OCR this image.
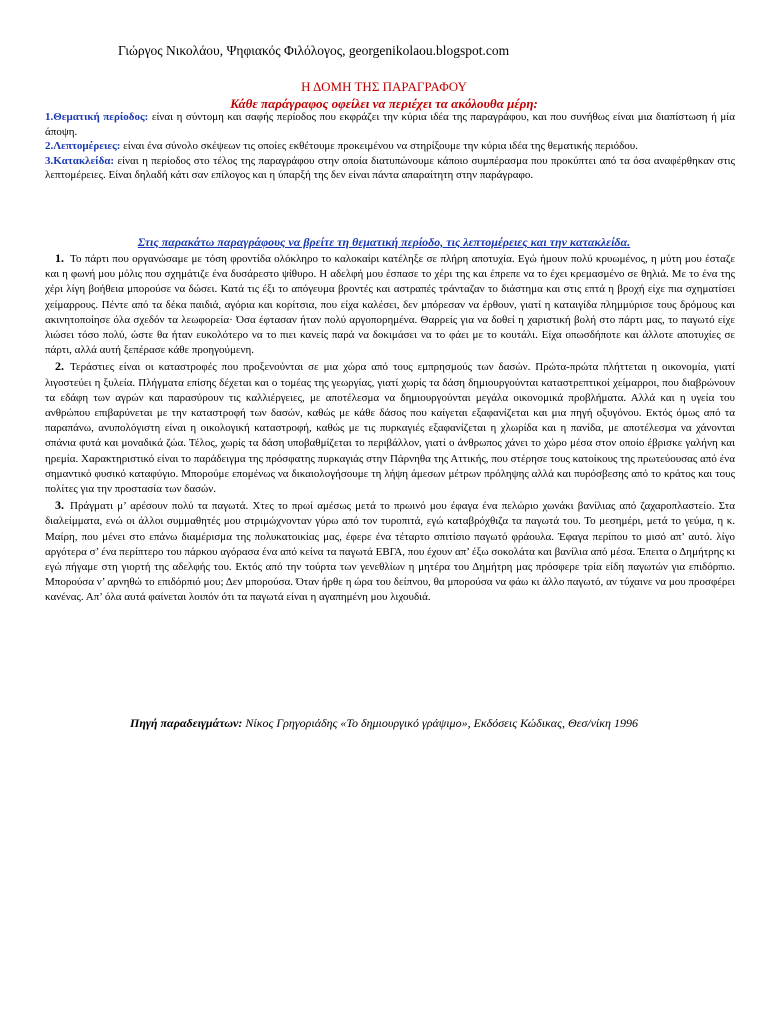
Γιώργος Νικολάου, Ψηφιακός Φιλόλογος, georgenikolaou.blogspot.com
Η ΔΟΜΗ ΤΗΣ ΠΑΡΑΓΡΑΦΟΥ
Κάθε παράγραφος οφείλει να περιέχει τα ακόλουθα μέρη:

1.Θεματική περίοδος: είναι η σύντομη και σαφής περίοδος που εκφράζει την κύρια ιδέα της παραγράφου, και που συνήθως είναι μια διαπίστωση ή μία άποψη.

2.Λεπτομέρειες: είναι ένα σύνολο σκέψεων τις οποίες εκθέτουμε προκειμένου να στηρίξουμε την κύρια ιδέα της θεματικής περιόδου.

3.Κατακλείδα: είναι η περίοδος στο τέλος της παραγράφου στην οποία διατυπώνουμε κάποιο συμπέρασμα που προκύπτει από τα όσα αναφέρθηκαν στις λεπτομέρειες. Είναι δηλαδή κάτι σαν επίλογος και η ύπαρξή της δεν είναι πάντα απαραίτητη στην παράγραφο.

Στις παρακάτω παραγράφους να βρείτε τη θεματική περίοδο, τις λεπτομέρειες και την κατακλείδα.

1. Το πάρτι που οργανώσαμε με τόση φροντίδα ολόκληρο το καλοκαίρι κατέληξε σε πλήρη αποτυχία. Εγώ ήμουν πολύ κρυωμένος, η μύτη μου έσταζε και η φωνή μου μόλις που σχημάτιζε ένα δυσάρεστο ψίθυρο. Η αδελφή μου έσπασε το χέρι της και έπρεπε να το έχει κρεμασμένο σε θηλιά. Με το ένα της χέρι λίγη βοήθεια μπορούσε να δώσει. Κατά τις έξι το απόγευμα βροντές και αστραπές τράνταζαν το διάστημα και στις επτά η βροχή είχε πια σχηματίσει χείμαρρους. Πέντε από τα δέκα παιδιά, αγόρια και κορίτσια, που είχα καλέσει, δεν μπόρεσαν να έρθουν, γιατί η καταιγίδα πλημμύρισε τους δρόμους και ακινητοποίησε όλα σχεδόν τα λεωφορεία· Όσα έφτασαν ήταν πολύ αργοπορημένα. Θαρρείς για να δοθεί η χαριστική βολή στο πάρτι μας, το παγωτό είχε λιώσει τόσο πολύ, ώστε θα ήταν ευκολότερο να το πιει κανείς παρά να δοκιμάσει να το φάει με το κουτάλι. Είχα οπωσδήποτε και άλλοτε αποτυχίες σε πάρτι, αλλά αυτή ξεπέρασε κάθε προηγούμενη.

2. Τεράστιες είναι οι καταστροφές που προξενούνται σε μια χώρα από τους εμπρησμούς των δασών. Πρώτα-πρώτα πλήττεται η οικονομία, γιατί λιγοστεύει η ξυλεία. Πλήγματα επίσης δέχεται και ο τομέας της γεωργίας, γιατί χωρίς τα δάση δημιουργούνται καταστρεπτικοί χείμαρροι, που διαβρώνουν τα εδάφη των αγρών και παρασύρουν τις καλλιέργειες, με αποτέλεσμα να δημιουργούνται μεγάλα οικονομικά προβλήματα. Αλλά και η υγεία του ανθρώπου επιβαρύνεται με την καταστροφή των δασών, καθώς με κάθε δάσος που καίγεται εξαφανίζεται και μια πηγή οξυγόνου. Εκτός όμως από τα παραπάνω, ανυπολόγιστη είναι η οικολογική καταστροφή, καθώς με τις πυρκαγιές εξαφανίζεται η χλωρίδα και η πανίδα, με αποτέλεσμα να χάνονται σπάνια φυτά και μοναδικά ζώα. Τέλος, χωρίς τα δάση υποβαθμίζεται το περιβάλλον, γιατί ο άνθρωπος χάνει το χώρο μέσα στον οποίο έβρισκε γαλήνη και ηρεμία. Χαρακτηριστικό είναι το παράδειγμα της πρόσφατης πυρκαγιάς στην Πάρνηθα της Αττικής, που στέρησε τους κατοίκους της πρωτεύουσας από ένα σημαντικό φυσικό καταφύγιο. Μπορούμε επομένως να δικαιολογήσουμε τη λήψη άμεσων μέτρων πρόληψης αλλά και πυρόσβεσης από το κράτος και τους πολίτες για την προστασία των δασών.

3. Πράγματι μ’ αρέσουν πολύ τα παγωτά. Χτες το πρωί αμέσως μετά το πρωινό μου έφαγα ένα πελώριο χωνάκι βανίλιας από ζαχαροπλαστείο. Στα διαλείμματα, ενώ οι άλλοι συμμαθητές μου στριμώχνονταν γύρω από τον τυροπιτά, εγώ καταβρόχθιζα τα παγωτά του. Το μεσημέρι, μετά το γεύμα, η κ. Μαίρη, που μένει στο επάνω διαμέρισμα της πολυκατοικίας μας, έφερε ένα τέταρτο σπιτίσιο παγωτό φράουλα. Έφαγα περίπου το μισό απ’ αυτό. λίγο αργότερα σ’ ένα περίπτερο του πάρκου αγόρασα ένα από κείνα τα παγωτά ΕΒΓΑ, που έχουν απ’ έξω σοκολάτα και βανίλια από μέσα. Έπειτα ο Δημήτρης κι εγώ πήγαμε στη γιορτή της αδελφής του. Εκτός από την τούρτα των γενεθλίων η μητέρα του Δημήτρη μας πρόσφερε τρία είδη παγωτών για επιδόρπιο. Μπορούσα ν’ αρνηθώ το επιδόρπιό μου; Δεν μπορούσα. Όταν ήρθε η ώρα του δείπνου, θα μπορούσα να φάω κι άλλο παγωτό, αν τύχαινε να μου προσφέρει κανένας. Απ’ όλα αυτά φαίνεται λοιπόν ότι τα παγωτά είναι η αγαπημένη μου λιχουδιά.

Πηγή παραδειγμάτων: Νίκος Γρηγοριάδης «Το δημιουργικό γράψιμο», Εκδόσεις Κώδικας, Θεσ/νίκη 1996
